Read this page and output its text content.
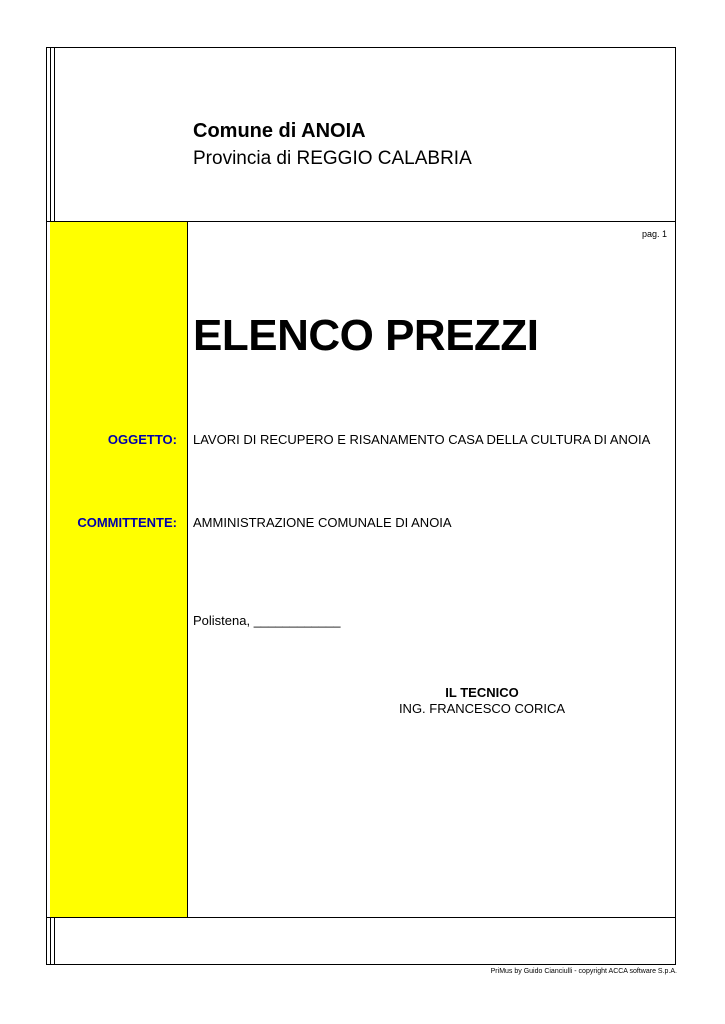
Comune di ANOIA
Provincia di REGGIO CALABRIA
pag. 1
ELENCO PREZZI
OGGETTO: LAVORI DI RECUPERO E RISANAMENTO CASA DELLA CULTURA DI ANOIA
COMMITTENTE: AMMINISTRAZIONE COMUNALE DI ANOIA
Polistena, ____________
IL TECNICO
ING. FRANCESCO CORICA
PriMus by Guido Cianciulli - copyright ACCA software S.p.A.
